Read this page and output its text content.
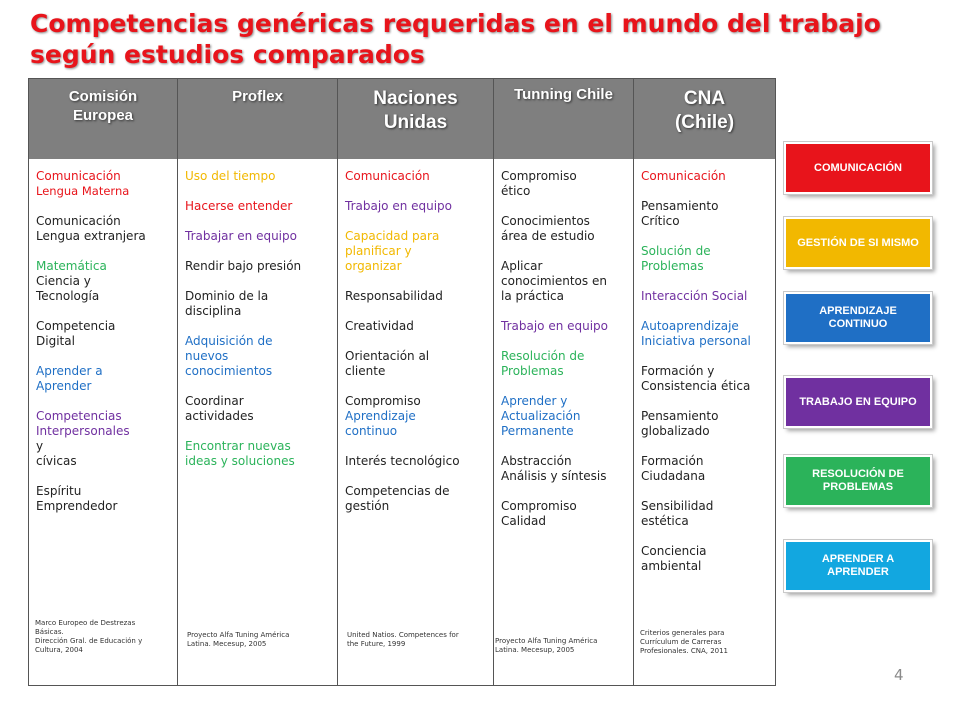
Competencias genéricas requeridas en el mundo del trabajo según estudios comparados
Comisión
Europea
Comunicación
Lengua Materna
Comunicación
Lengua extranjera
Matemática
Ciencia y
Tecnología
Competencia
Digital
Aprender a
Aprender
Competencias
Interpersonales
y
cívicas
Espíritu
Emprendedor
Marco Europeo de Destrezas
Básicas.
Dirección Gral. de Educación y
Cultura, 2004
Proflex
Uso del tiempo
Hacerse entender
Trabajar en equipo
Rendir bajo presión
Dominio de la
disciplina
Adquisición de
nuevos
conocimientos
Coordinar
actividades
Encontrar nuevas
ideas y soluciones
Proyecto Alfa Tuning América
Latina. Mecesup, 2005
Naciones
Unidas
Comunicación
Trabajo en equipo
Capacidad para
planificar y
organizar
Responsabilidad
Creatividad
Orientación al
cliente
Compromiso
Aprendizaje
continuo
Interés tecnológico
Competencias de
gestión
United Natios. Competences for
the Future, 1999
Tunning Chile
Compromiso
ético
Conocimientos
área de estudio
Aplicar
conocimientos en
la práctica
Trabajo en equipo
Resolución de
Problemas
Aprender y
Actualización
Permanente
Abstracción
Análisis y síntesis
Compromiso
Calidad
Proyecto Alfa Tuning América
Latina. Mecesup, 2005
CNA
(Chile)
Comunicación
Pensamiento
Crítico
Solución de
Problemas
Interacción Social
Autoaprendizaje
Iniciativa personal
Formación y
Consistencia ética
Pensamiento
globalizado
Formación
Ciudadana
Sensibilidad
estética
Conciencia
ambiental
Criterios generales para
Currículum de Carreras
Profesionales. CNA, 2011
COMUNICACIÓN
GESTIÓN DE SI MISMO
APRENDIZAJE CONTINUO
TRABAJO EN EQUIPO
RESOLUCIÓN DE PROBLEMAS
APRENDER A APRENDER
4
